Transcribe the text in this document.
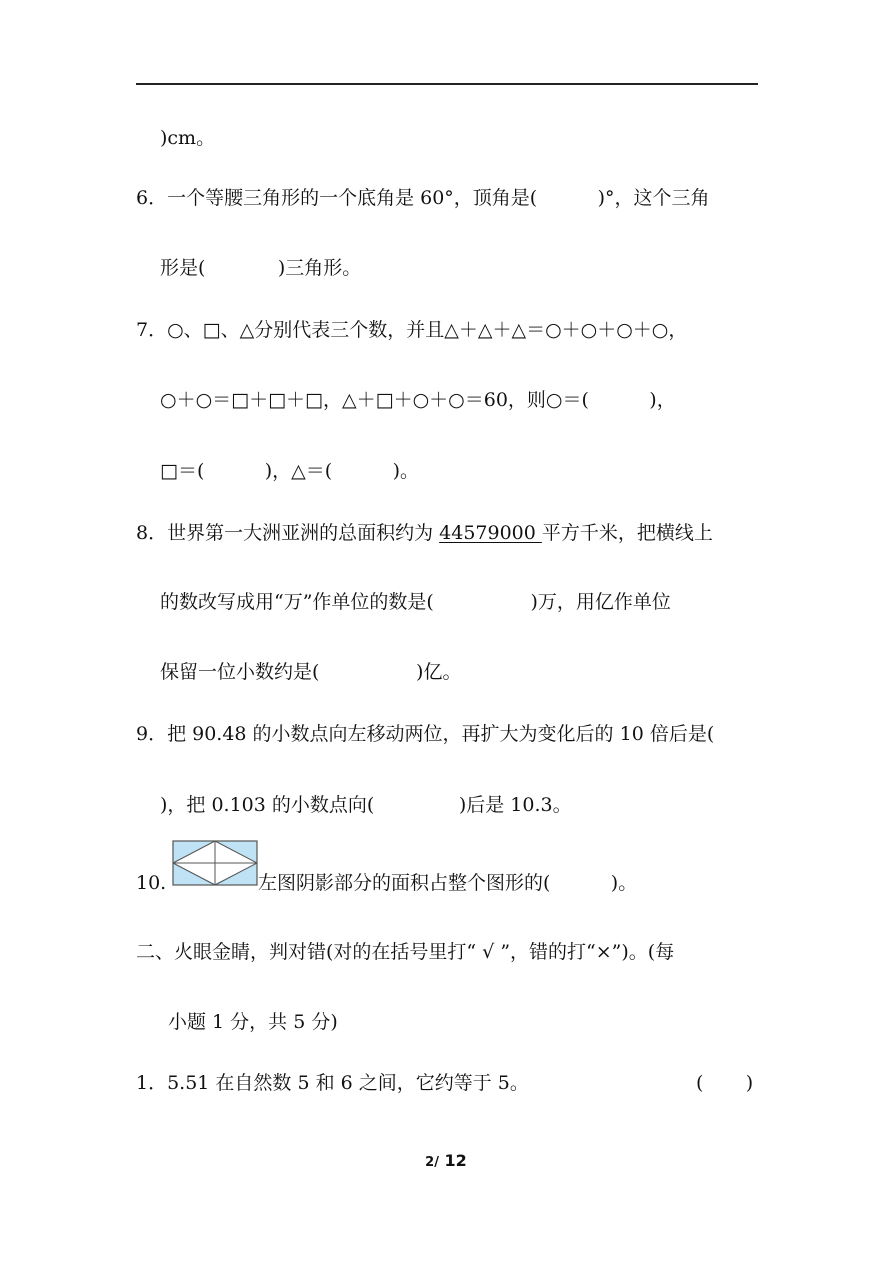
)cm。
6．一个等腰三角形的一个底角是 60°，顶角是(          )°，这个三角
形是(            )三角形。
7．○、□、△分别代表三个数，并且△＋△＋△＝○＋○＋○＋○，
○＋○＝□＋□＋□，△＋□＋○＋○＝60，则○＝(          )，
□＝(          )，△＝(          )。
8．世界第一大洲亚洲的总面积约为 44579000 平方千米，把横线上
的数改写成用“万”作单位的数是(                )万，用亿作单位
保留一位小数约是(                )亿。
9．把 90.48 的小数点向左移动两位，再扩大为变化后的 10 倍后是(
)，把 0.103 的小数点向(              )后是 10.3。
10.	左图阴影部分的面积占整个图形的(          )。
二、火眼金睛，判对错(对的在括号里打“ √ ”，错的打“×”)。(每
小题 1 分，共 5 分)
1．5.51 在自然数 5 和 6 之间，它约等于 5。	(       )
2/ 12
